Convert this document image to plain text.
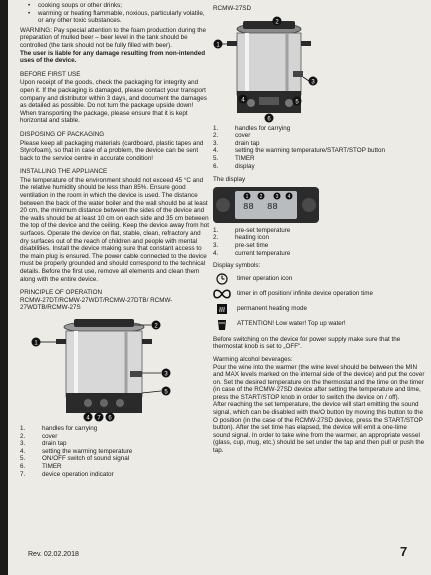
• cooking soups or other drinks;
• warming or heating flammable, noxious, particularly volatile, or any other toxic substances.

WARNING: Pay special attention to the foam production during the preparation of mulled beer – beer level in the tank should be controlled (the tank should not be fully filled with beer).

The user is liable for any damage resulting from non-intended uses of the device.

BEFORE FIRST USE

Upon receipt of the goods, check the packaging for integrity and open it. If the packaging is damaged, please contact your transport company and distributor within 3 days, and document the damages as detailed as possible. Do not turn the package upside down! When transporting the package, please ensure that it is kept horizontal and stable.

DISPOSING OF PACKAGING

Please keep all packaging materials (cardboard, plastic tapes and Styrofoam), so that in case of a problem, the device can be sent back to the service centre in accurate condition!

INSTALLING THE APPLIANCE

The temperature of the environment should not exceed 45 °C and the relative humidity should be less than 85%. Ensure good ventilation in the room in which the device is used. The distance between the back of the water boiler and the wall should be at least 20 cm, the minimum distance between the sides of the device and the walls should be at least 10 cm on each side and 35 cm between the top of the device and the ceiling. Keep the device away from hot surfaces. Operate the device on flat, stable, clean, refractory and dry surfaces out of the reach of children and people with mental disabilities. Install the device making sure that constant access to the main plug is ensured. The power cable connected to the device must be properly grounded and should correspond to the technical details. Before the first use, remove all elements and clean them along with the entire device.

PRINCIPLE OF OPERATION
RCMW-27DT/RCMW-27WDT/RCMW-27DTB/ RCMW-27WDTB/RCMW-27S
1
2
3
5
4 7 6
1.	handles for carrying
2.	cover
3.	drain tap
4.	setting the warming temperature
5.	ON/OFF switch of sound signal
6.	TIMER
7.	device operation indicator
RCMW-27SD
1
2
3
4	5
6
1.	handles for carrying
2.	cover
3.	drain tap
4.	setting the warming temperature/START/STOP button
5.	TIMER
6.	display
The display
88 88
1 2	3 4
1.	pre-set temperature
2.	heating icon
3.	pre-set time
4.	current temperature
Display symbols:
timer operation icon
timer in off position/ infinite device operation time
permanent heating mode
ATTENTION! Low water! Top up water!

Before switching on the device for power supply make sure that the thermostat knob is set to „OFF".

Warming alcohol beverages:

Pour the wine into the warmer (the wine level should be between the MIN and MAX levels marked on the internal side of the device) and put the cover on. Set the desired temperature on the thermostat and the time on the timer (in case of the RCMW-27SD device after setting the temperature and time, press the START/STOP knob in order to switch the device on / off).

After reaching the set temperature, the device will start emitting the sound signal, which can be disabled with the/O button by moving this button to the O position (in the case of the RCMW-27SD device, press the START/STOP button). After the set time has elapsed, the device will emit a one-time sound signal. In order to take wine from the warmer, an appropriate vessel (glass, cup, mug, etc.) should be set under the tap and then pull or push the tap.

Rev. 02.02.2018	7
